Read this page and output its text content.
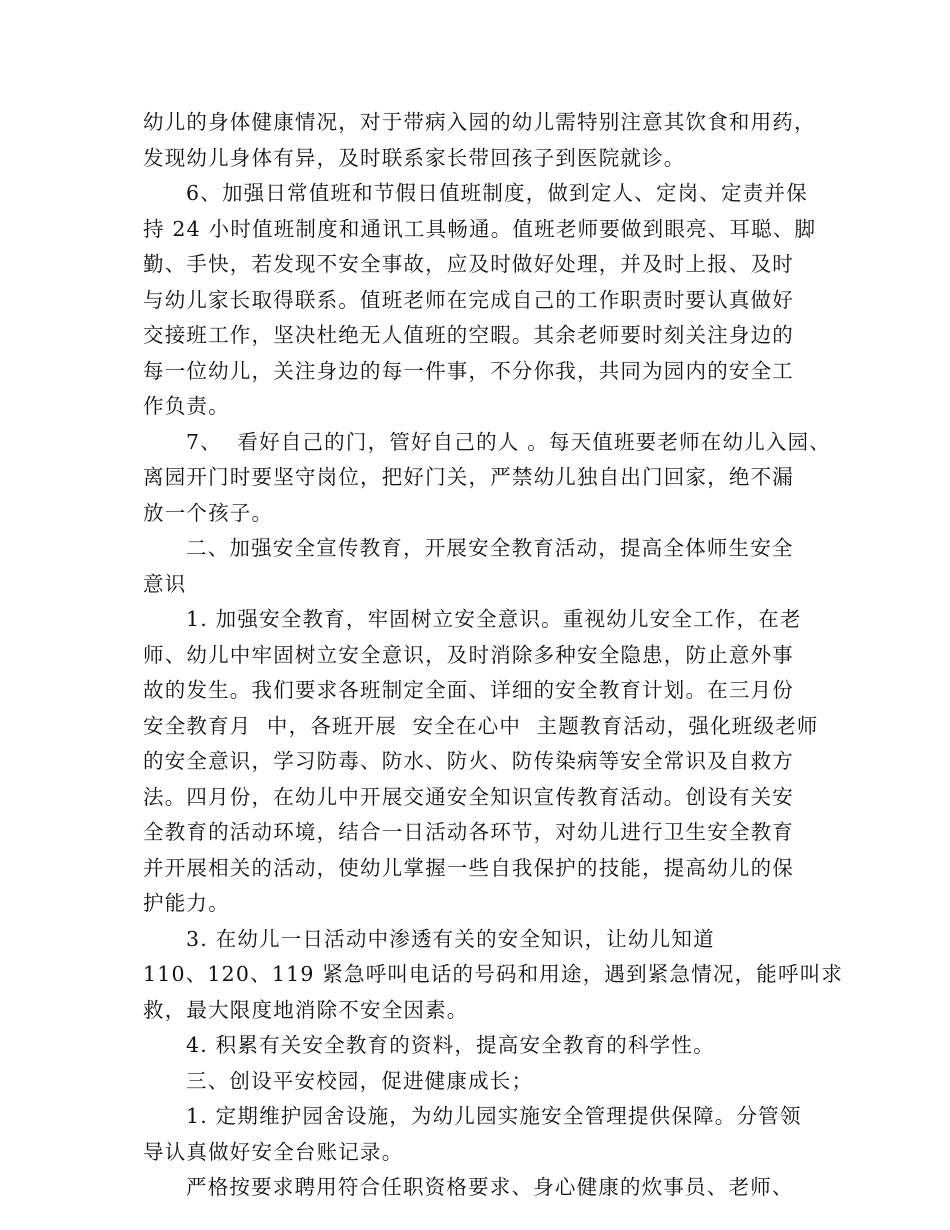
幼儿的身体健康情况，对于带病入园的幼儿需特别注意其饮食和用药，
发现幼儿身体有异，及时联系家长带回孩子到医院就诊。
6、加强日常值班和节假日值班制度，做到定人、定岗、定责并保
持 24 小时值班制度和通讯工具畅通。值班老师要做到眼亮、耳聪、脚
勤、手快，若发现不安全事故，应及时做好处理，并及时上报、及时
与幼儿家长取得联系。值班老师在完成自己的工作职责时要认真做好
交接班工作，坚决杜绝无人值班的空暇。其余老师要时刻关注身边的
每一位幼儿，关注身边的每一件事，不分你我，共同为园内的安全工
作负责。
7、  看好自己的门，管好自己的人 。每天值班要老师在幼儿入园、
离园开门时要坚守岗位，把好门关，严禁幼儿独自出门回家，绝不漏
放一个孩子。
二、加强安全宣传教育，开展安全教育活动，提高全体师生安全
意识
1. 加强安全教育，牢固树立安全意识。重视幼儿安全工作，在老
师、幼儿中牢固树立安全意识，及时消除多种安全隐患，防止意外事
故的发生。我们要求各班制定全面、详细的安全教育计划。在三月份
安全教育月  中，各班开展  安全在心中  主题教育活动，强化班级老师
的安全意识，学习防毒、防水、防火、防传染病等安全常识及自救方
法。四月份，在幼儿中开展交通安全知识宣传教育活动。创设有关安
全教育的活动环境，结合一日活动各环节，对幼儿进行卫生安全教育
并开展相关的活动，使幼儿掌握一些自我保护的技能，提高幼儿的保
护能力。
3. 在幼儿一日活动中渗透有关的安全知识，让幼儿知道
110、120、119 紧急呼叫电话的号码和用途，遇到紧急情况，能呼叫求
救，最大限度地消除不安全因素。
4. 积累有关安全教育的资料，提高安全教育的科学性。
三、创设平安校园，促进健康成长；
1. 定期维护园舍设施，为幼儿园实施安全管理提供保障。分管领
导认真做好安全台账记录。
严格按要求聘用符合任职资格要求、身心健康的炊事员、老师、
